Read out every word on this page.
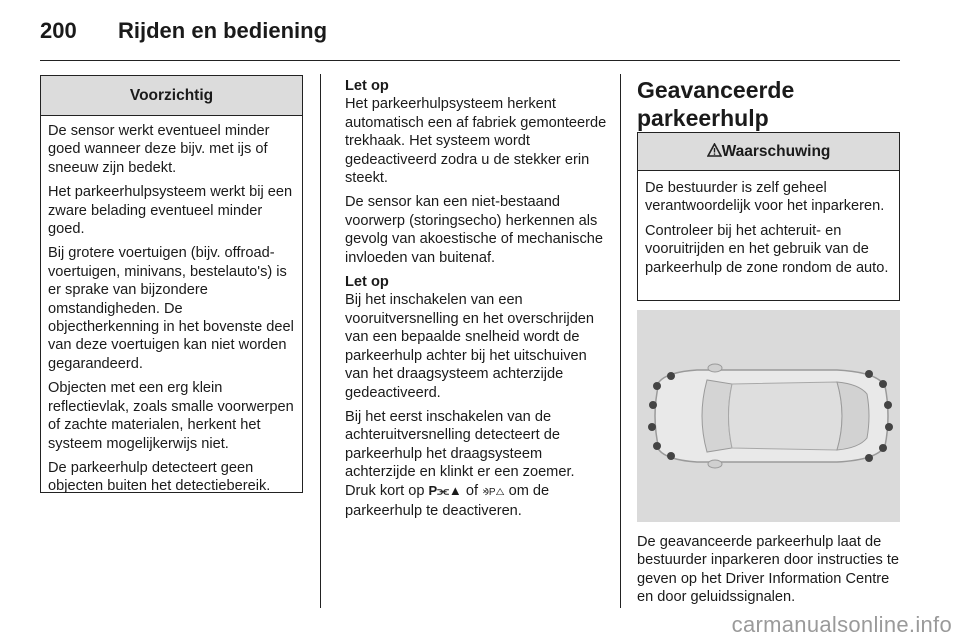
200 Rijden en bediening
Voorzichtig

De sensor werkt eventueel minder goed wanneer deze bijv. met ijs of sneeuw zijn bedekt.

Het parkeerhulpsysteem werkt bij een zware belading eventueel minder goed.

Bij grotere voertuigen (bijv. offroad-voertuigen, minivans, bestelauto's) is er sprake van bijzondere omstandigheden. De objectherkenning in het bovenste deel van deze voertuigen kan niet worden gegarandeerd.

Objecten met een erg klein reflectievlak, zoals smalle voorwerpen of zachte materialen, herkent het systeem mogelijkerwijs niet.

De parkeerhulp detecteert geen objecten buiten het detectiebereik.

Let op
Het parkeerhulpsysteem herkent automatisch een af fabriek gemonteerde trekhaak. Het systeem wordt gedeactiveerd zodra u de stekker erin steekt.

De sensor kan een niet-bestaand voorwerp (storingsecho) herkennen als gevolg van akoestische of mechanische invloeden van buitenaf.

Let op
Bij het inschakelen van een vooruitversnelling en het overschrijden van een bepaalde snelheid wordt de parkeerhulp achter bij het uitschuiven van het draagsysteem achterzijde gedeactiveerd.

Bij het eerst inschakelen van de achteruitversnelling detecteert de parkeerhulp het draagsysteem achterzijde en klinkt er een zoemer. Druk kort op P⫘▲ of ⨵P△ om de parkeerhulp te deactiveren.

Geavanceerde
parkeerhulp
Waarschuwing

De bestuurder is zelf geheel verantwoordelijk voor het inparkeren.

Controleer bij het achteruit- en vooruitrijden en het gebruik van de parkeerhulp de zone rondom de auto.

De geavanceerde parkeerhulp laat de bestuurder inparkeren door instructies te geven op het Driver Information Centre en door geluidssignalen.
carmanualsonline.info
